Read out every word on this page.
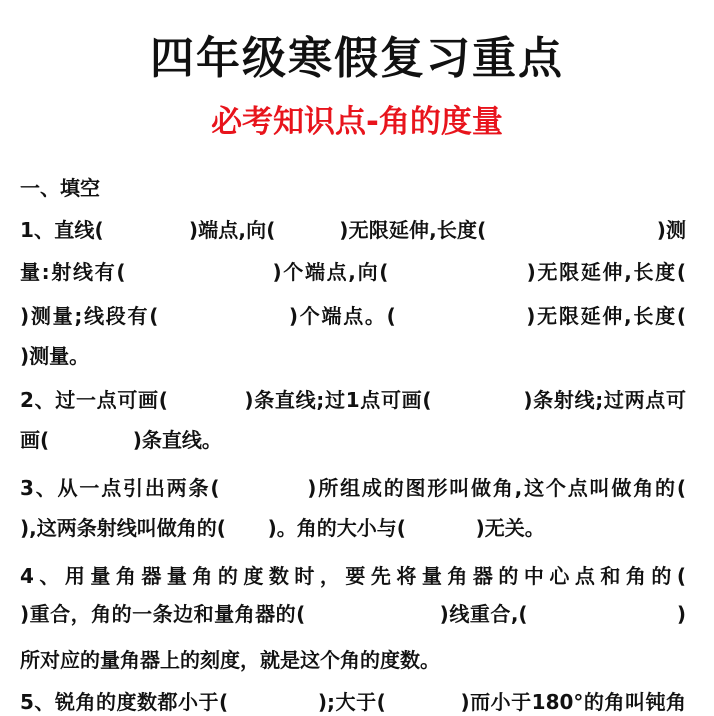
四年级寒假复习重点
必考知识点-角的度量
一、填空
1、直线(            )端点,向(         )无限延伸,长度(                        )测
量:射线有(                 )个端点,向(                )无限延伸,长度(
)测量;线段有(               )个端点。(               )无限延伸,长度(
)测量。
2、过一点可画(          )条直线;过1点可画(            )条射线;过两点可
画(            )条直线。
3、从一点引出两条(          )所组成的图形叫做角,这个点叫做角的(
),这两条射线叫做角的(      )。角的大小与(          )无关。
4、用量角器量角的度数时，要先将量角器的中心点和角的(
)重合，角的一条边和量角器的(                  )线重合,(                    )
所对应的量角器上的刻度，就是这个角的度数。
5、锐角的度数都小于(            );大于(          )而小于180°的角叫钝角
